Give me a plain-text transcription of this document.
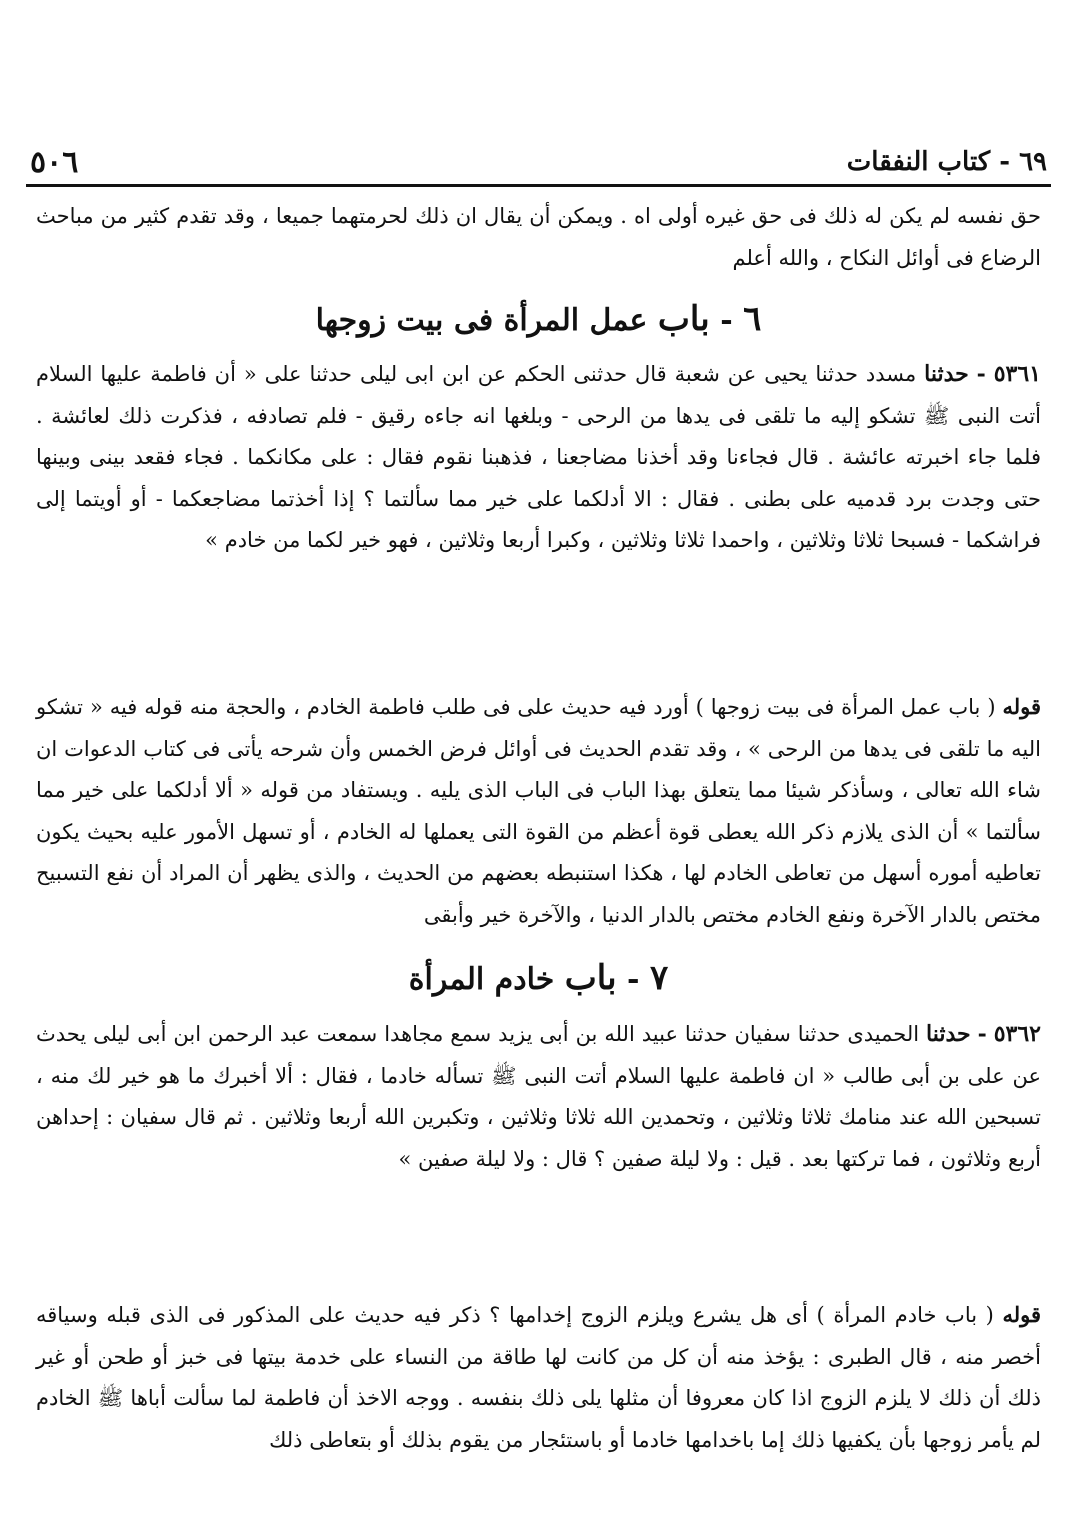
٦٩ - كتاب النفقات
٥٠٦

حق نفسه لم يكن له ذلك فى حق غيره أولى اه . ويمكن أن يقال ان ذلك لحرمتهما جميعا ، وقد تقدم كثير من مباحث الرضاع فى أوائل النكاح ، والله أعلم

٦ - باب عمل المرأة فى بيت زوجها

٥٣٦١ - حدثنا مسدد حدثنا يحيى عن شعبة قال حدثنى الحكم عن ابن ابى ليلى حدثنا على « أن فاطمة عليها السلام أتت النبى ﷺ تشكو إليه ما تلقى فى يدها من الرحى - وبلغها انه جاءه رقيق - فلم تصادفه ، فذكرت ذلك لعائشة . فلما جاء اخبرته عائشة . قال فجاءنا وقد أخذنا مضاجعنا ، فذهبنا نقوم فقال : على مكانكما . فجاء فقعد بينى وبينها حتى وجدت برد قدميه على بطنى . فقال : الا أدلكما على خير مما سألتما ؟ إذا أخذتما مضاجعكما - أو أويتما إلى فراشكما - فسبحا ثلاثا وثلاثين ، واحمدا ثلاثا وثلاثين ، وكبرا أربعا وثلاثين ، فهو خير لكما من خادم »

قوله ( باب عمل المرأة فى بيت زوجها ) أورد فيه حديث على فى طلب فاطمة الخادم ، والحجة منه قوله فيه « تشكو اليه ما تلقى فى يدها من الرحى » ، وقد تقدم الحديث فى أوائل فرض الخمس وأن شرحه يأتى فى كتاب الدعوات ان شاء الله تعالى ، وسأذكر شيئا مما يتعلق بهذا الباب فى الباب الذى يليه . ويستفاد من قوله « ألا أدلكما على خير مما سألتما » أن الذى يلازم ذكر الله يعطى قوة أعظم من القوة التى يعملها له الخادم ، أو تسهل الأمور عليه بحيث يكون تعاطيه أموره أسهل من تعاطى الخادم لها ، هكذا استنبطه بعضهم من الحديث ، والذى يظهر أن المراد أن نفع التسبيح مختص بالدار الآخرة ونفع الخادم مختص بالدار الدنيا ، والآخرة خير وأبقى

٧ - باب خادم المرأة

٥٣٦٢ - حدثنا الحميدى حدثنا سفيان حدثنا عبيد الله بن أبى يزيد سمع مجاهدا سمعت عبد الرحمن ابن أبى ليلى يحدث عن على بن أبى طالب « ان فاطمة عليها السلام أتت النبى ﷺ تسأله خادما ، فقال : ألا أخبرك ما هو خير لك منه ، تسبحين الله عند منامك ثلاثا وثلاثين ، وتحمدين الله ثلاثا وثلاثين ، وتكبرين الله أربعا وثلاثين . ثم قال سفيان : إحداهن أربع وثلاثون ، فما تركتها بعد . قيل : ولا ليلة صفين ؟ قال : ولا ليلة صفين »

قوله ( باب خادم المرأة ) أى هل يشرع ويلزم الزوج إخدامها ؟ ذكر فيه حديث على المذكور فى الذى قبله وسياقه أخصر منه ، قال الطبرى : يؤخذ منه أن كل من كانت لها طاقة من النساء على خدمة بيتها فى خبز أو طحن أو غير ذلك أن ذلك لا يلزم الزوج اذا كان معروفا أن مثلها يلى ذلك بنفسه . ووجه الاخذ أن فاطمة لما سألت أباها ﷺ الخادم لم يأمر زوجها بأن يكفيها ذلك إما باخدامها خادما أو باستئجار من يقوم بذلك أو بتعاطى ذلك
